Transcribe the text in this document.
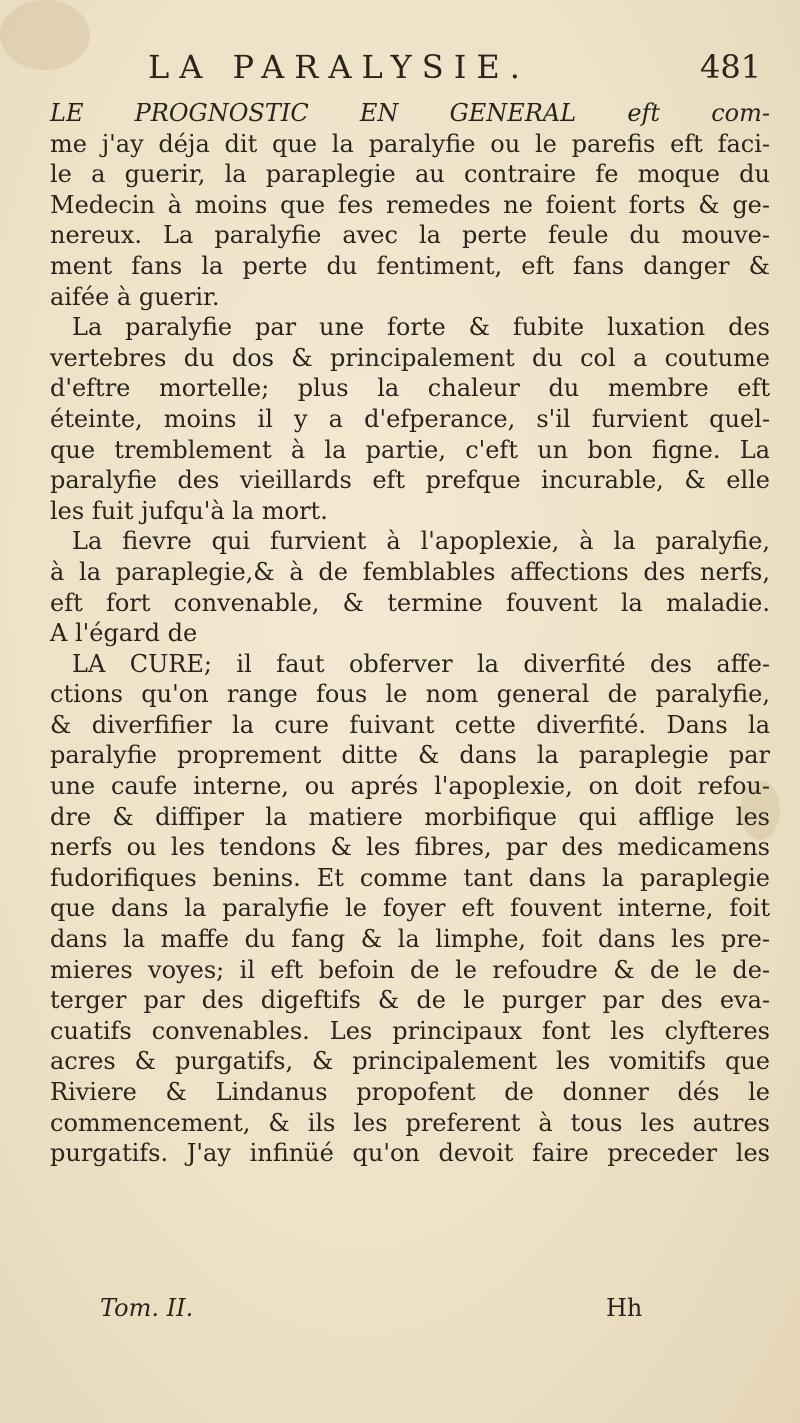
LA PARALYSIE.	481
LE PROGNOSTIC EN GENERAL eft com-
me j'ay déja dit que la paralyfie ou le parefis eft faci-
le a guerir, la paraplegie au contraire fe moque du
Medecin à moins que fes remedes ne foient forts & ge-
nereux. La paralyfie avec la perte feule du mouve-
ment fans la perte du fentiment, eft fans danger &
aifée à guerir.
La paralyfie par une forte & fubite luxation des
vertebres du dos & principalement du col a coutume
d'eftre mortelle; plus la chaleur du membre eft
éteinte, moins il y a d'efperance, s'il furvient quel-
que tremblement à la partie, c'eft un bon figne. La
paralyfie des vieillards eft prefque incurable, & elle
les fuit jufqu'à la mort.
La fievre qui furvient à l'apoplexie, à la paralyfie,
à la paraplegie,& à de femblables affections des nerfs,
eft fort convenable, & termine fouvent la maladie.
A l'égard de
LA CURE; il faut obferver la diverfité des affe-
ctions qu'on range fous le nom general de paralyfie,
& diverfifier la cure fuivant cette diverfité. Dans la
paralyfie proprement ditte & dans la paraplegie par
une caufe interne, ou aprés l'apoplexie, on doit refou-
dre & diffiper la matiere morbifique qui afflige les
nerfs ou les tendons & les fibres, par des medicamens
fudorifiques benins. Et comme tant dans la paraplegie
que dans la paralyfie le foyer eft fouvent interne, foit
dans la maffe du fang & la limphe, foit dans les pre-
mieres voyes; il eft befoin de le refoudre & de le de-
terger par des digeftifs & de le purger par des eva-
cuatifs convenables. Les principaux font les clyfteres
acres & purgatifs, & principalement les vomitifs que
Riviere & Lindanus propofent de donner dés le
commencement, & ils les preferent à tous les autres
purgatifs. J'ay infinüé qu'on devoit faire preceder les
Tom. II.	Hh
